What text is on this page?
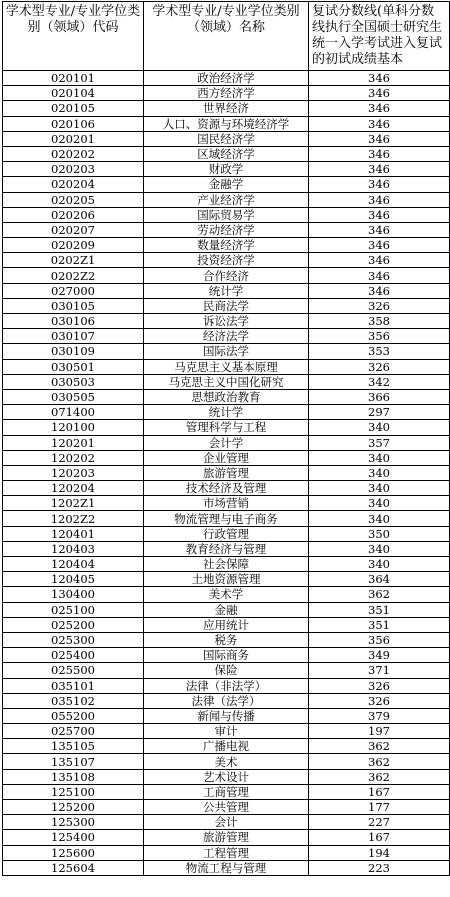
学术型专业/专业学位类 别（领域）代码	学术型专业/专业学位类别（领域）名称	复试分数线(单科分数线执行全国硕士研究生统一入学考试进入复试的初试成绩基本
020101	政治经济学	346
020104	西方经济学	346
020105	世界经济	346
020106	人口、资源与环境经济学	346
020201	国民经济学	346
020202	区域经济学	346
020203	财政学	346
020204	金融学	346
020205	产业经济学	346
020206	国际贸易学	346
020207	劳动经济学	346
020209	数量经济学	346
0202Z1	投资经济学	346
0202Z2	合作经济	346
027000	统计学	346
030105	民商法学	326
030106	诉讼法学	358
030107	经济法学	356
030109	国际法学	353
030501	马克思主义基本原理	326
030503	马克思主义中国化研究	342
030505	思想政治教育	366
071400	统计学	297
120100	管理科学与工程	340
120201	会计学	357
120202	企业管理	340
120203	旅游管理	340
120204	技术经济及管理	340
1202Z1	市场营销	340
1202Z2	物流管理与电子商务	340
120401	行政管理	350
120403	教育经济与管理	340
120404	社会保障	340
120405	土地资源管理	364
130400	美术学	362
025100	金融	351
025200	应用统计	351
025300	税务	356
025400	国际商务	349
025500	保险	371
035101	法律（非法学）	326
035102	法律（法学）	326
055200	新闻与传播	379
025700	审计	197
135105	广播电视	362
135107	美术	362
135108	艺术设计	362
125100	工商管理	167
125200	公共管理	177
125300	会计	227
125400	旅游管理	167
125600	工程管理	194
125604	物流工程与管理	223
